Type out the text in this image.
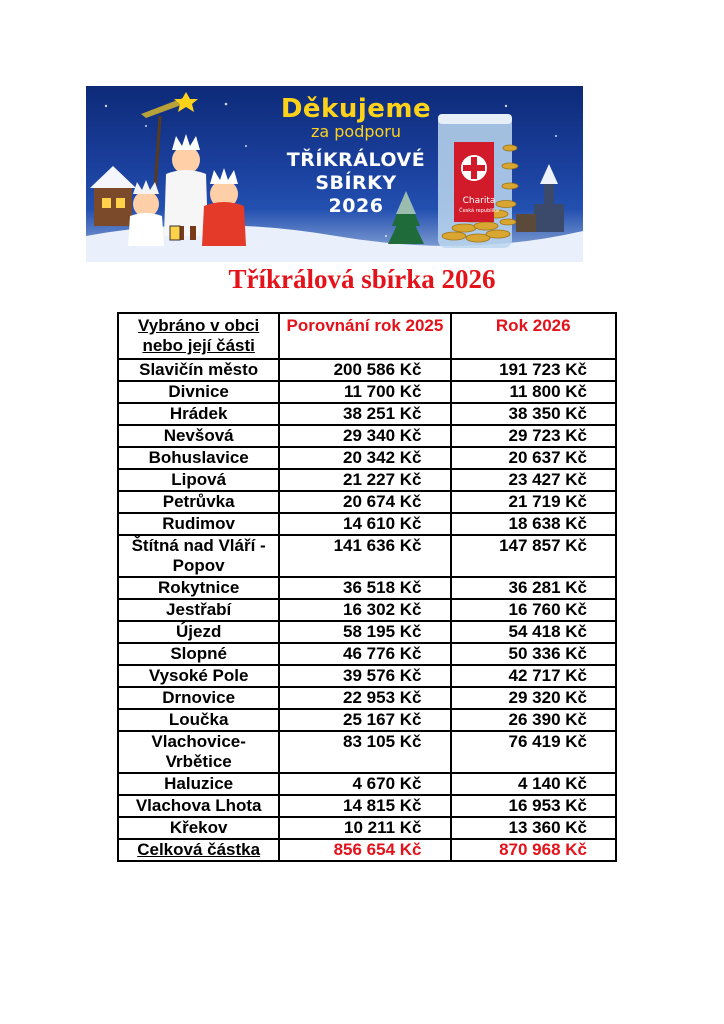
Děkujeme
za podporu
TŘÍKRÁLOVÉ
SBÍRKY
2026	Charita
Česká republika
Tříkrálová sbírka 2026
Vybráno v obci nebo její části	Porovnání rok 2025	Rok 2026
Slavičín město	200 586 Kč	191 723 Kč
Divnice	11 700 Kč	11 800 Kč
Hrádek	38 251 Kč	38 350 Kč
Nevšová	29 340 Kč	29 723 Kč
Bohuslavice	20 342 Kč	20 637 Kč
Lipová	21 227 Kč	23 427 Kč
Petrůvka	20 674 Kč	21 719 Kč
Rudimov	14 610 Kč	18 638 Kč
Štítná nad Vláří - Popov	141 636 Kč	147 857 Kč
Rokytnice	36 518 Kč	36 281 Kč
Jestřabí	16 302 Kč	16 760 Kč
Újezd	58 195 Kč	54 418 Kč
Slopné	46 776 Kč	50 336 Kč
Vysoké Pole	39 576 Kč	42 717 Kč
Drnovice	22 953 Kč	29 320 Kč
Loučka	25 167 Kč	26 390 Kč
Vlachovice-Vrbětice	83 105 Kč	76 419 Kč
Haluzice	4 670 Kč	4 140 Kč
Vlachova Lhota	14 815 Kč	16 953 Kč
Křekov	10 211 Kč	13 360 Kč
Celková částka	856 654 Kč	870 968 Kč
